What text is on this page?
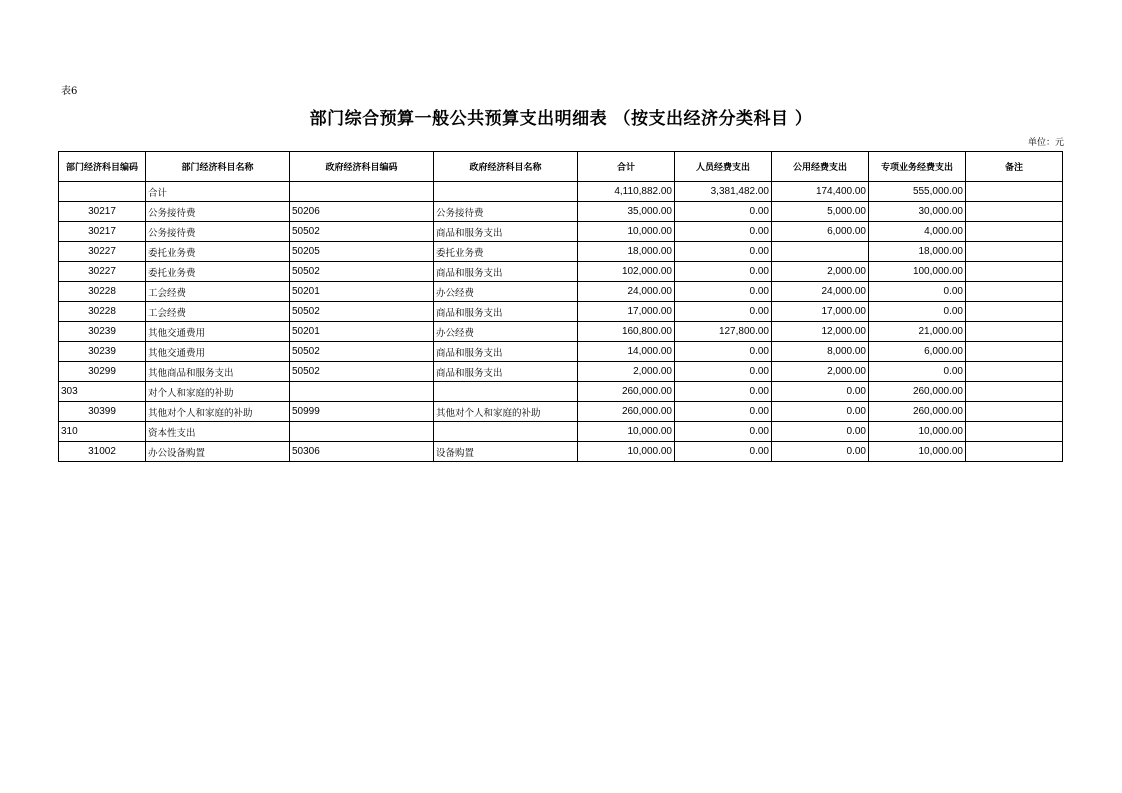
表6
部门综合预算一般公共预算支出明细表 （按支出经济分类科目 ）
单位：元
部门经济科目编码	部门经济科目名称	政府经济科目编码	政府经济科目名称	合计	人员经费支出	公用经费支出	专项业务经费支出	备注
	合计			4,110,882.00	3,381,482.00	174,400.00	555,000.00	
30217	公务接待费	50206	公务接待费	35,000.00	0.00	5,000.00	30,000.00	
30217	公务接待费	50502	商品和服务支出	10,000.00	0.00	6,000.00	4,000.00	
30227	委托业务费	50205	委托业务费	18,000.00	0.00		18,000.00	
30227	委托业务费	50502	商品和服务支出	102,000.00	0.00	2,000.00	100,000.00	
30228	工会经费	50201	办公经费	24,000.00	0.00	24,000.00	0.00	
30228	工会经费	50502	商品和服务支出	17,000.00	0.00	17,000.00	0.00	
30239	其他交通费用	50201	办公经费	160,800.00	127,800.00	12,000.00	21,000.00	
30239	其他交通费用	50502	商品和服务支出	14,000.00	0.00	8,000.00	6,000.00	
30299	其他商品和服务支出	50502	商品和服务支出	2,000.00	0.00	2,000.00	0.00	
303	对个人和家庭的补助			260,000.00	0.00	0.00	260,000.00	
30399	其他对个人和家庭的补助	50999	其他对个人和家庭的补助	260,000.00	0.00	0.00	260,000.00	
310	资本性支出			10,000.00	0.00	0.00	10,000.00	
31002	办公设备购置	50306	设备购置	10,000.00	0.00	0.00	10,000.00	
